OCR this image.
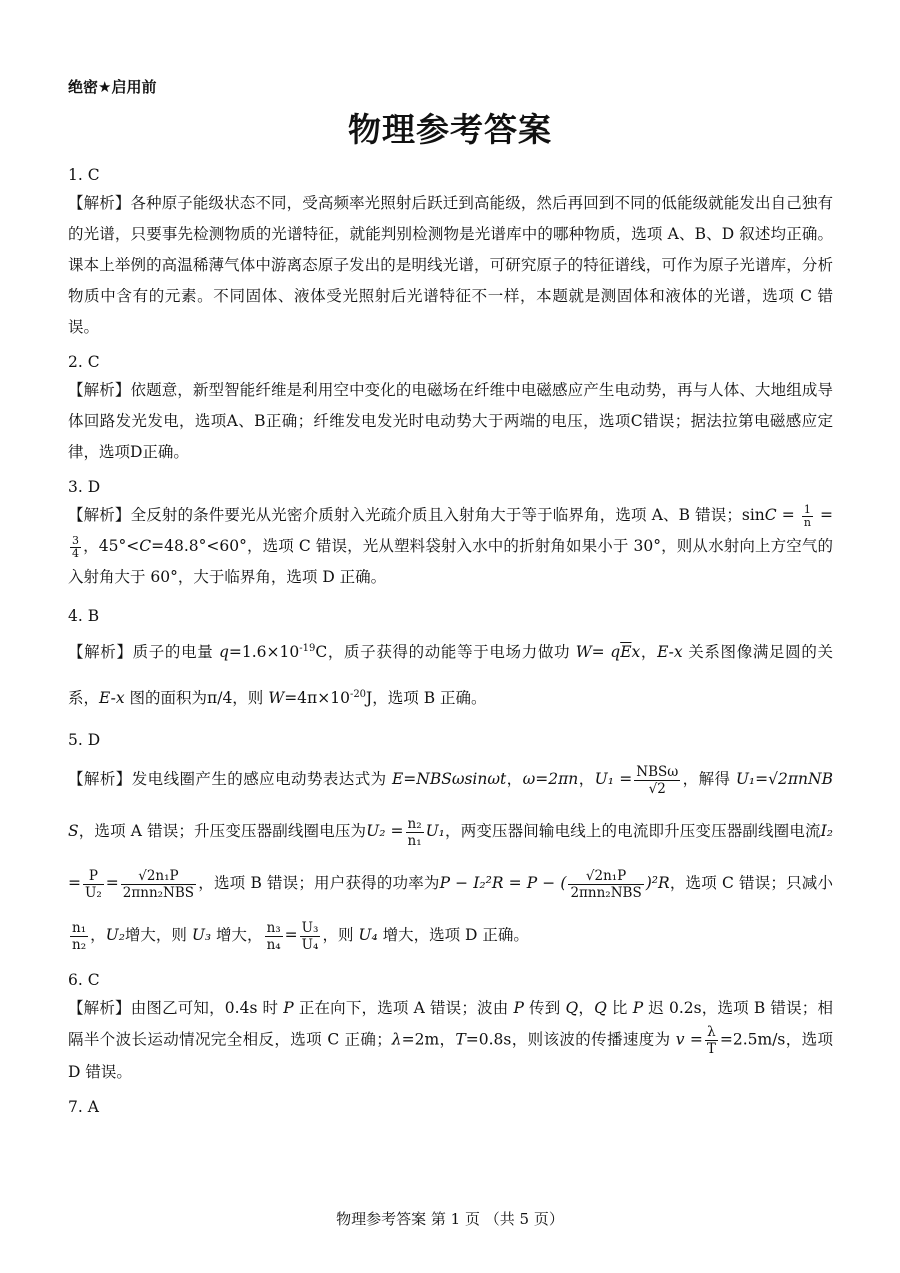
绝密★启用前
物理参考答案
1. C
【解析】各种原子能级状态不同，受高频率光照射后跃迁到高能级，然后再回到不同的低能级就能发出自己独有的光谱，只要事先检测物质的光谱特征，就能判别检测物是光谱库中的哪种物质，选项 A、B、D 叙述均正确。课本上举例的高温稀薄气体中游离态原子发出的是明线光谱，可研究原子的特征谱线，可作为原子光谱库，分析物质中含有的元素。不同固体、液体受光照射后光谱特征不一样，本题就是测固体和液体的光谱，选项 C 错误。
2. C
【解析】依题意，新型智能纤维是利用空中变化的电磁场在纤维中电磁感应产生电动势，再与人体、大地组成导体回路发光发电，选项A、B正确；纤维发电发光时电动势大于两端的电压，选项C错误；据法拉第电磁感应定律，选项D正确。
3. D
【解析】全反射的条件要光从光密介质射入光疏介质且入射角大于等于临界角，选项 A、B 错误；$\sin C = \frac{1}{n}$ =
$\frac{3}{4}$ ，45°<C=48.8°<60°，选项 C 错误，光从塑料袋射入水中的折射角如果小于 30°，则从水射向上方空气的入射角大于 60°，大于临界角，选项 D 正确。
4. B
【解析】质子的电量 $q=1.6\times 10^{-19}C$，质子获得的动能等于电场力做功 $W= q\overline{E}x$，E-x 关系图像满足圆的关系，E-x 图的面积为π/4，则 $W=4\pi\times 10^{-20}J$，选项 B 正确。
5. D
【解析】发电线圈产生的感应电动势表达式为 E=NBSωsinωt，ω=2πn，$U_1 = \frac{\text{NBSω}}{√2}$ ，解得 U₁=√2πnNBS，选项 A 错误；升压变压器副线圈电压为$U_2 = \frac{\text{n₂}}{\text{n₁}} U_1$，两变压器间输电线上的电流即升压变压器副线圈电流$I_2 = \frac{P}{\text{U₂}} = \frac{\text{√2n₁P}}{\text{2πnn₂NBS}}$ ，选项 B 错误；用户获得的功率为P − I₂²R = P − ( $\frac{\text{√2n₁P}}{\text{2πnn₂NBS}} )^2R$，选项 C 错误；只减小
$\frac{\text{n₁}}{\text{n₂}}$ ，U₂增大，则 U₃ 增大， $\frac{\text{n₃}}{\text{n₄}} = \frac{\text{U₃}}{\text{U₄}}$ ，则 U₄ 增大，选项 D 正确。
6. C
【解析】由图乙可知，0.4s 时 P 正在向下，选项 A 错误；波由 P 传到 Q，Q 比 P 迟 0.2s，选项 B 错误；相隔半个波长运动情况完全相反，选项 C 正确；λ=2m，T=0.8s，则该波的传播速度为 $v = \frac{\lambda}{T} =2.5m/s$，选项 D 错误。
7. A
物理参考答案 第 1 页 （共 5 页）
